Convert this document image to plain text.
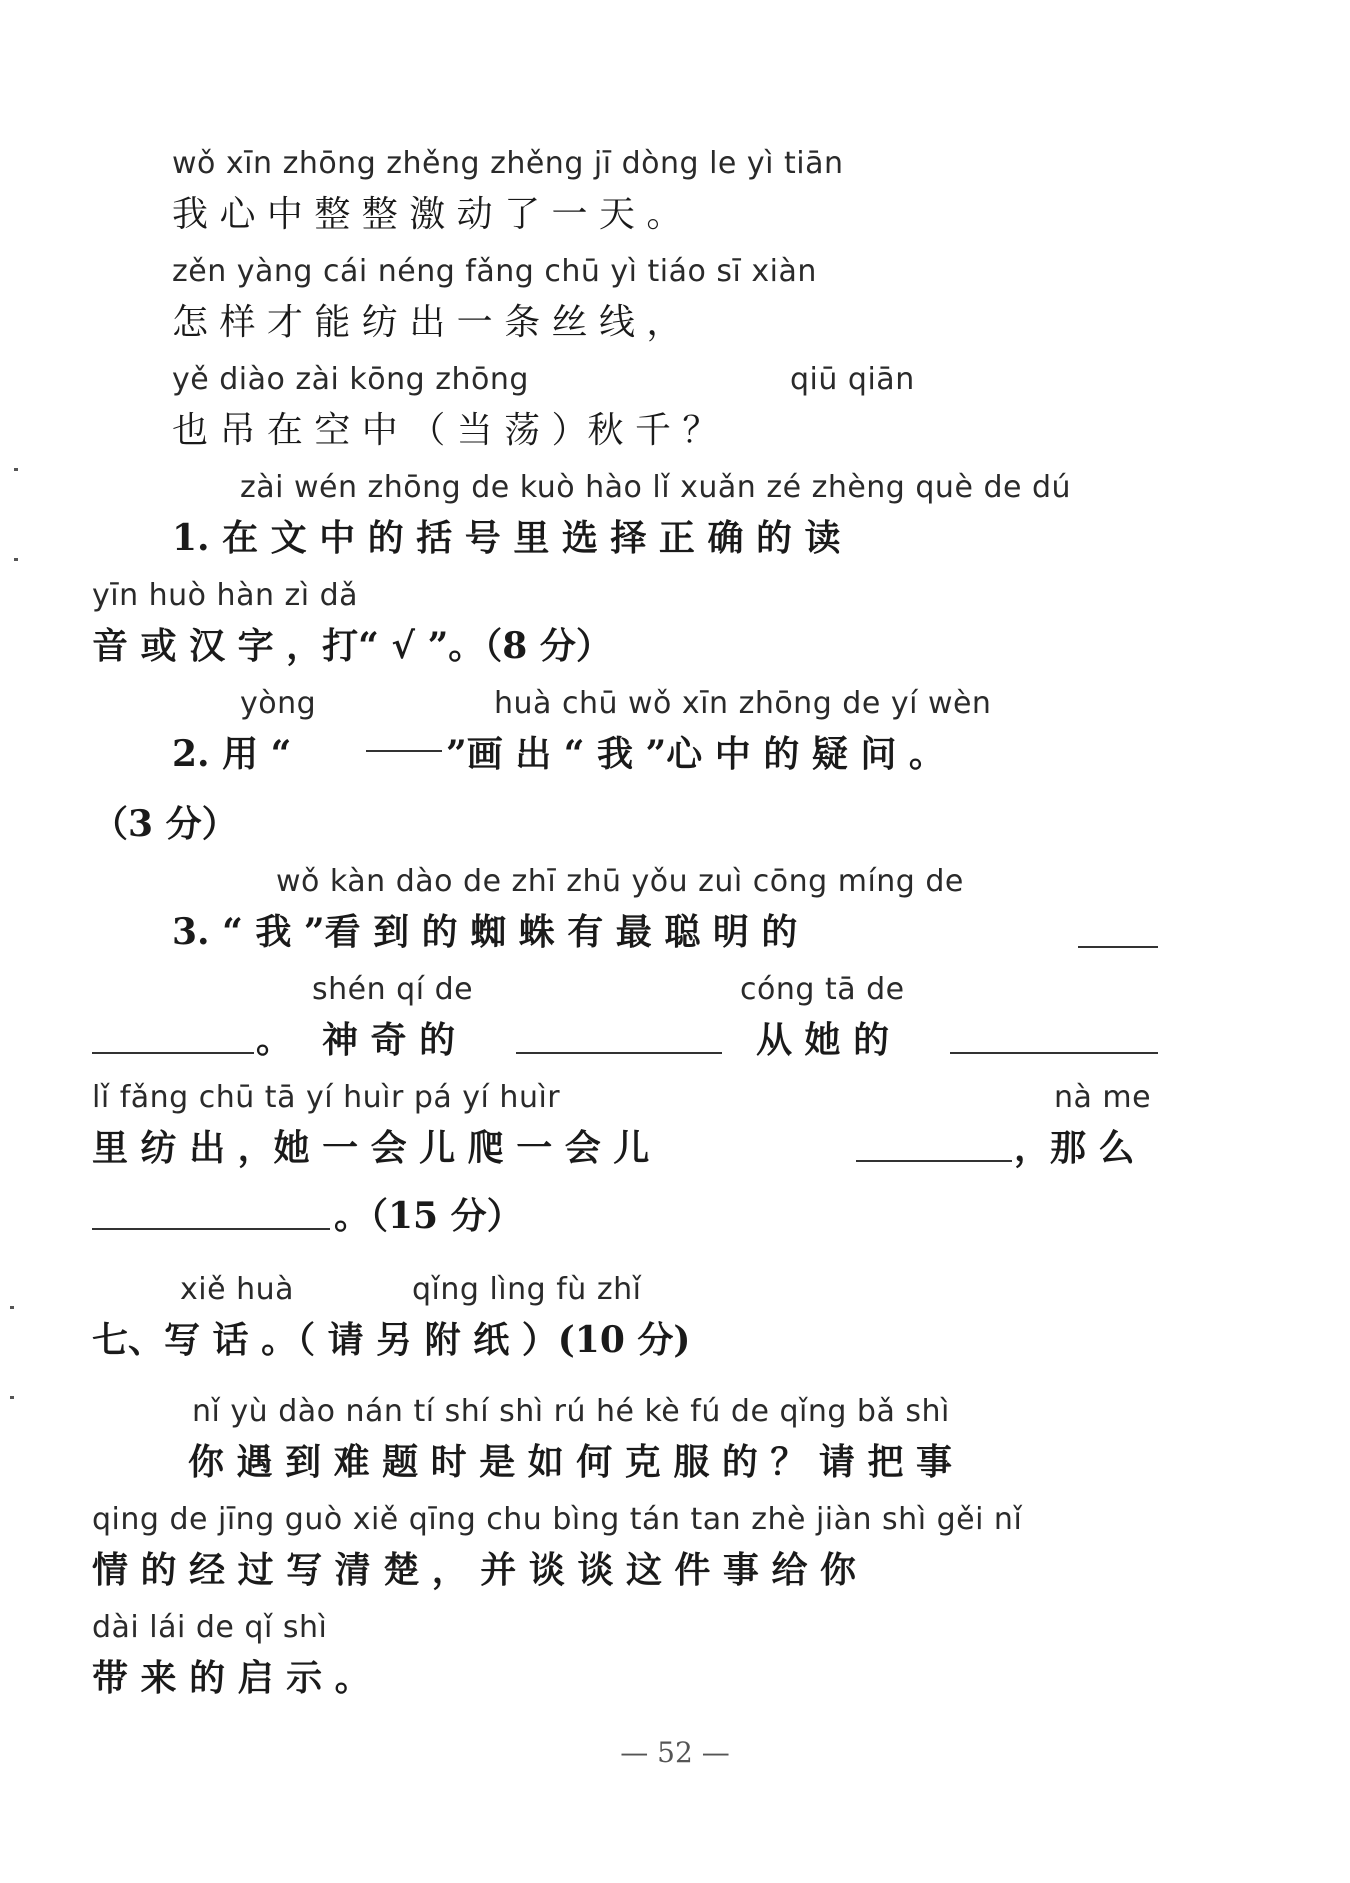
wǒ xīn zhōng zhěng zhěng jī dòng le yì tiān
我 心 中 整 整 激 动 了 一 天 。
zěn yàng cái néng fǎng chū yì tiáo sī xiàn
怎 样 才 能 纺 出 一 条 丝 线 ，
yě diào zài kōng zhōng	qiū qiān
也 吊 在 空 中 （ 当 荡 ）秋 千 ？
zài wén zhōng de kuò hào lǐ xuǎn zé zhèng què de dú
1. 在 文 中 的 括 号 里 选 择 正 确 的 读
yīn huò hàn zì dǎ
音 或 汉 字 ，打“ √ ”。（8 分）
yòng	huà chū wǒ xīn zhōng de yí wèn
2. 用 “	”画 出 “ 我 ”心 中 的 疑 问 。
（3 分）
wǒ kàn dào de zhī zhū yǒu zuì cōng míng de
3. “ 我 ”看 到 的 蜘 蛛 有 最 聪 明 的
shén qí de	cóng tā de
。 神 奇 的	从 她 的
lǐ fǎng chū tā yí huìr pá yí huìr	nà me
里 纺 出 ，她 一 会 儿 爬 一 会 儿	，那 么
。（15 分）
xiě huà	qǐng lìng fù zhǐ
七、写 话 。（ 请 另 附 纸 ）(10 分)
nǐ yù dào nán tí shí shì rú hé kè fú de qǐng bǎ shì
你 遇 到 难 题 时 是 如 何 克 服 的 ？ 请 把 事
qing de jīng guò xiě qīng chu bìng tán tan zhè jiàn shì gěi nǐ
情 的 经 过 写 清 楚 ， 并 谈 谈 这 件 事 给 你
dài lái de qǐ shì
带 来 的 启 示 。
— 52 —
